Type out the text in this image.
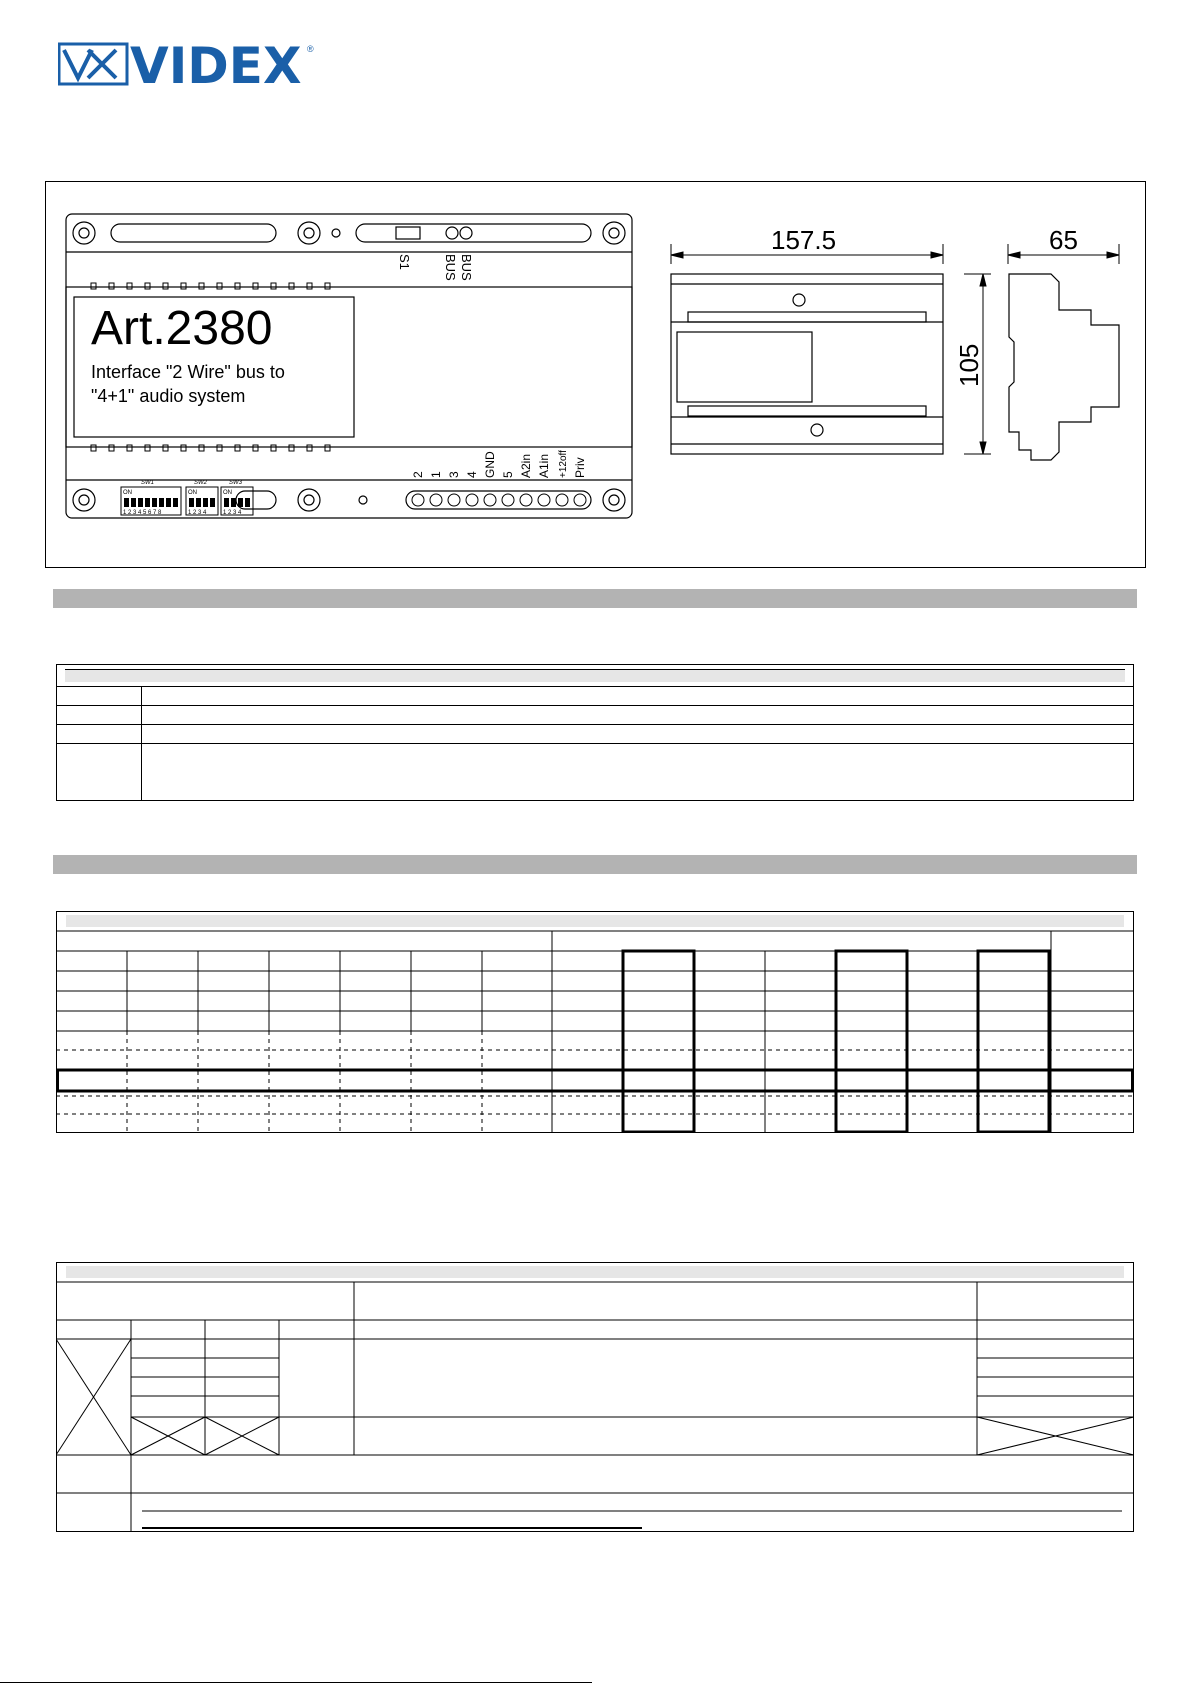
VIDEX ®
Art.2380
Interface "2 Wire" bus to
"4+1" audio system
S1 BUS BUS
2 1 3 4 GND 5 A2in A1in +12off Priv
SW1	SW2	SW3
ON	ON	ON
1 2 3 4 5 6 7 8	1 2 3 4	1 2 3 4
157.5
105
65
